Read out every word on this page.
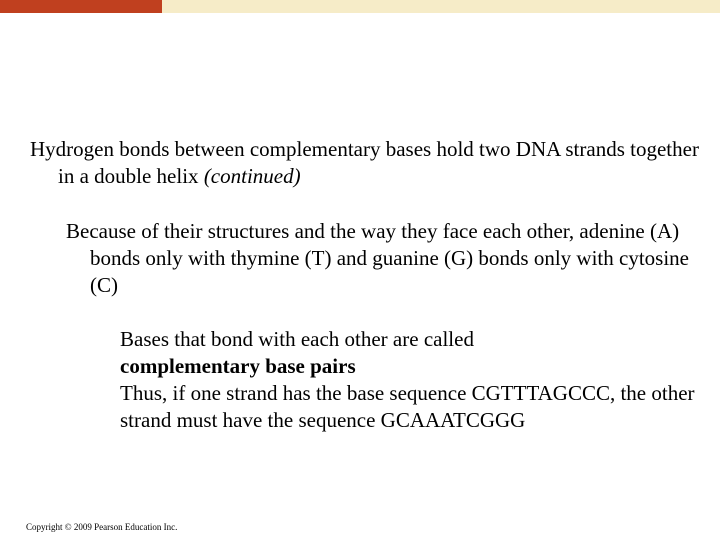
Hydrogen bonds between complementary bases hold two DNA strands together in a double helix (continued)
Because of their structures and the way they face each other, adenine (A) bonds only with thymine (T) and guanine (G) bonds only with cytosine (C)

Bases that bond with each other are called
complementary base pairs

Thus, if one strand has the base sequence CGTTTAGCCC, the other strand must have the sequence GCAAATCGGG

Copyright © 2009 Pearson Education Inc.
